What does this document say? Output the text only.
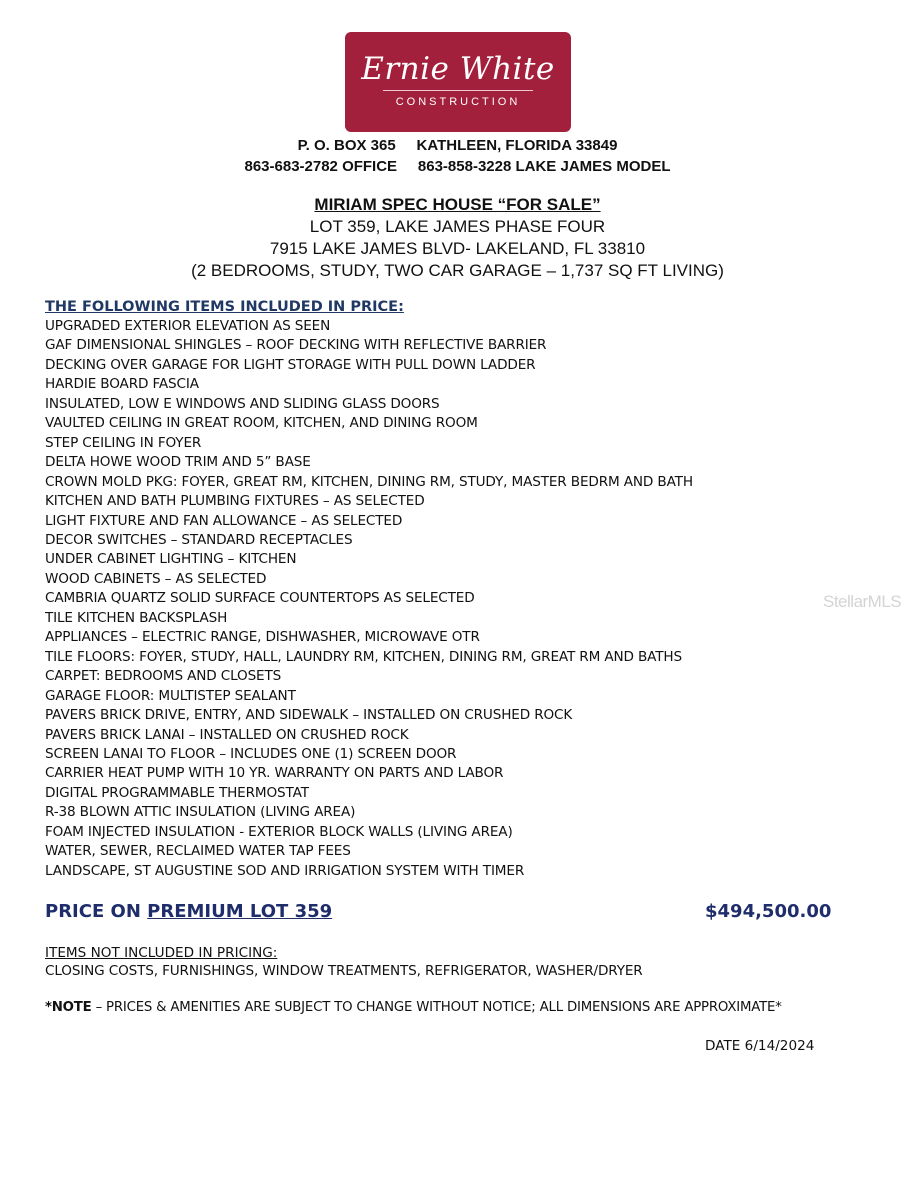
Ernie White
CONSTRUCTION
P. O. BOX 365     KATHLEEN, FLORIDA 33849
863-683-2782 OFFICE     863-858-3228 LAKE JAMES MODEL
MIRIAM SPEC HOUSE “FOR SALE”
LOT 359, LAKE JAMES PHASE FOUR
7915 LAKE JAMES BLVD- LAKELAND, FL 33810
(2 BEDROOMS, STUDY, TWO CAR GARAGE – 1,737 SQ FT LIVING)
THE FOLLOWING ITEMS INCLUDED IN PRICE:
UPGRADED EXTERIOR ELEVATION AS SEEN
GAF DIMENSIONAL SHINGLES – ROOF DECKING WITH REFLECTIVE BARRIER
DECKING OVER GARAGE FOR LIGHT STORAGE WITH PULL DOWN LADDER
HARDIE BOARD FASCIA
INSULATED, LOW E WINDOWS AND SLIDING GLASS DOORS
VAULTED CEILING IN GREAT ROOM, KITCHEN, AND DINING ROOM
STEP CEILING IN FOYER
DELTA HOWE WOOD TRIM AND 5” BASE
CROWN MOLD PKG: FOYER, GREAT RM, KITCHEN, DINING RM, STUDY, MASTER BEDRM AND BATH
KITCHEN AND BATH PLUMBING FIXTURES – AS SELECTED
LIGHT FIXTURE AND FAN ALLOWANCE – AS SELECTED
DECOR SWITCHES – STANDARD RECEPTACLES
UNDER CABINET LIGHTING – KITCHEN
WOOD CABINETS – AS SELECTED
CAMBRIA QUARTZ SOLID SURFACE COUNTERTOPS AS SELECTED
TILE KITCHEN BACKSPLASH
APPLIANCES – ELECTRIC RANGE, DISHWASHER, MICROWAVE OTR
TILE FLOORS: FOYER, STUDY, HALL, LAUNDRY RM, KITCHEN, DINING RM, GREAT RM AND BATHS
CARPET: BEDROOMS AND CLOSETS
GARAGE FLOOR: MULTISTEP SEALANT
PAVERS BRICK DRIVE, ENTRY, AND SIDEWALK – INSTALLED ON CRUSHED ROCK
PAVERS BRICK LANAI – INSTALLED ON CRUSHED ROCK
SCREEN LANAI TO FLOOR – INCLUDES ONE (1) SCREEN DOOR
CARRIER HEAT PUMP WITH 10 YR. WARRANTY ON PARTS AND LABOR
DIGITAL PROGRAMMABLE THERMOSTAT
R-38 BLOWN ATTIC INSULATION (LIVING AREA)
FOAM INJECTED INSULATION - EXTERIOR BLOCK WALLS (LIVING AREA)
WATER, SEWER, RECLAIMED WATER TAP FEES
LANDSCAPE, ST AUGUSTINE SOD AND IRRIGATION SYSTEM WITH TIMER
PRICE ON PREMIUM LOT 359	$494,500.00
ITEMS NOT INCLUDED IN PRICING:
CLOSING COSTS, FURNISHINGS, WINDOW TREATMENTS, REFRIGERATOR, WASHER/DRYER
*NOTE – PRICES & AMENITIES ARE SUBJECT TO CHANGE WITHOUT NOTICE; ALL DIMENSIONS ARE APPROXIMATE*
DATE 6/14/2024
StellarMLS
